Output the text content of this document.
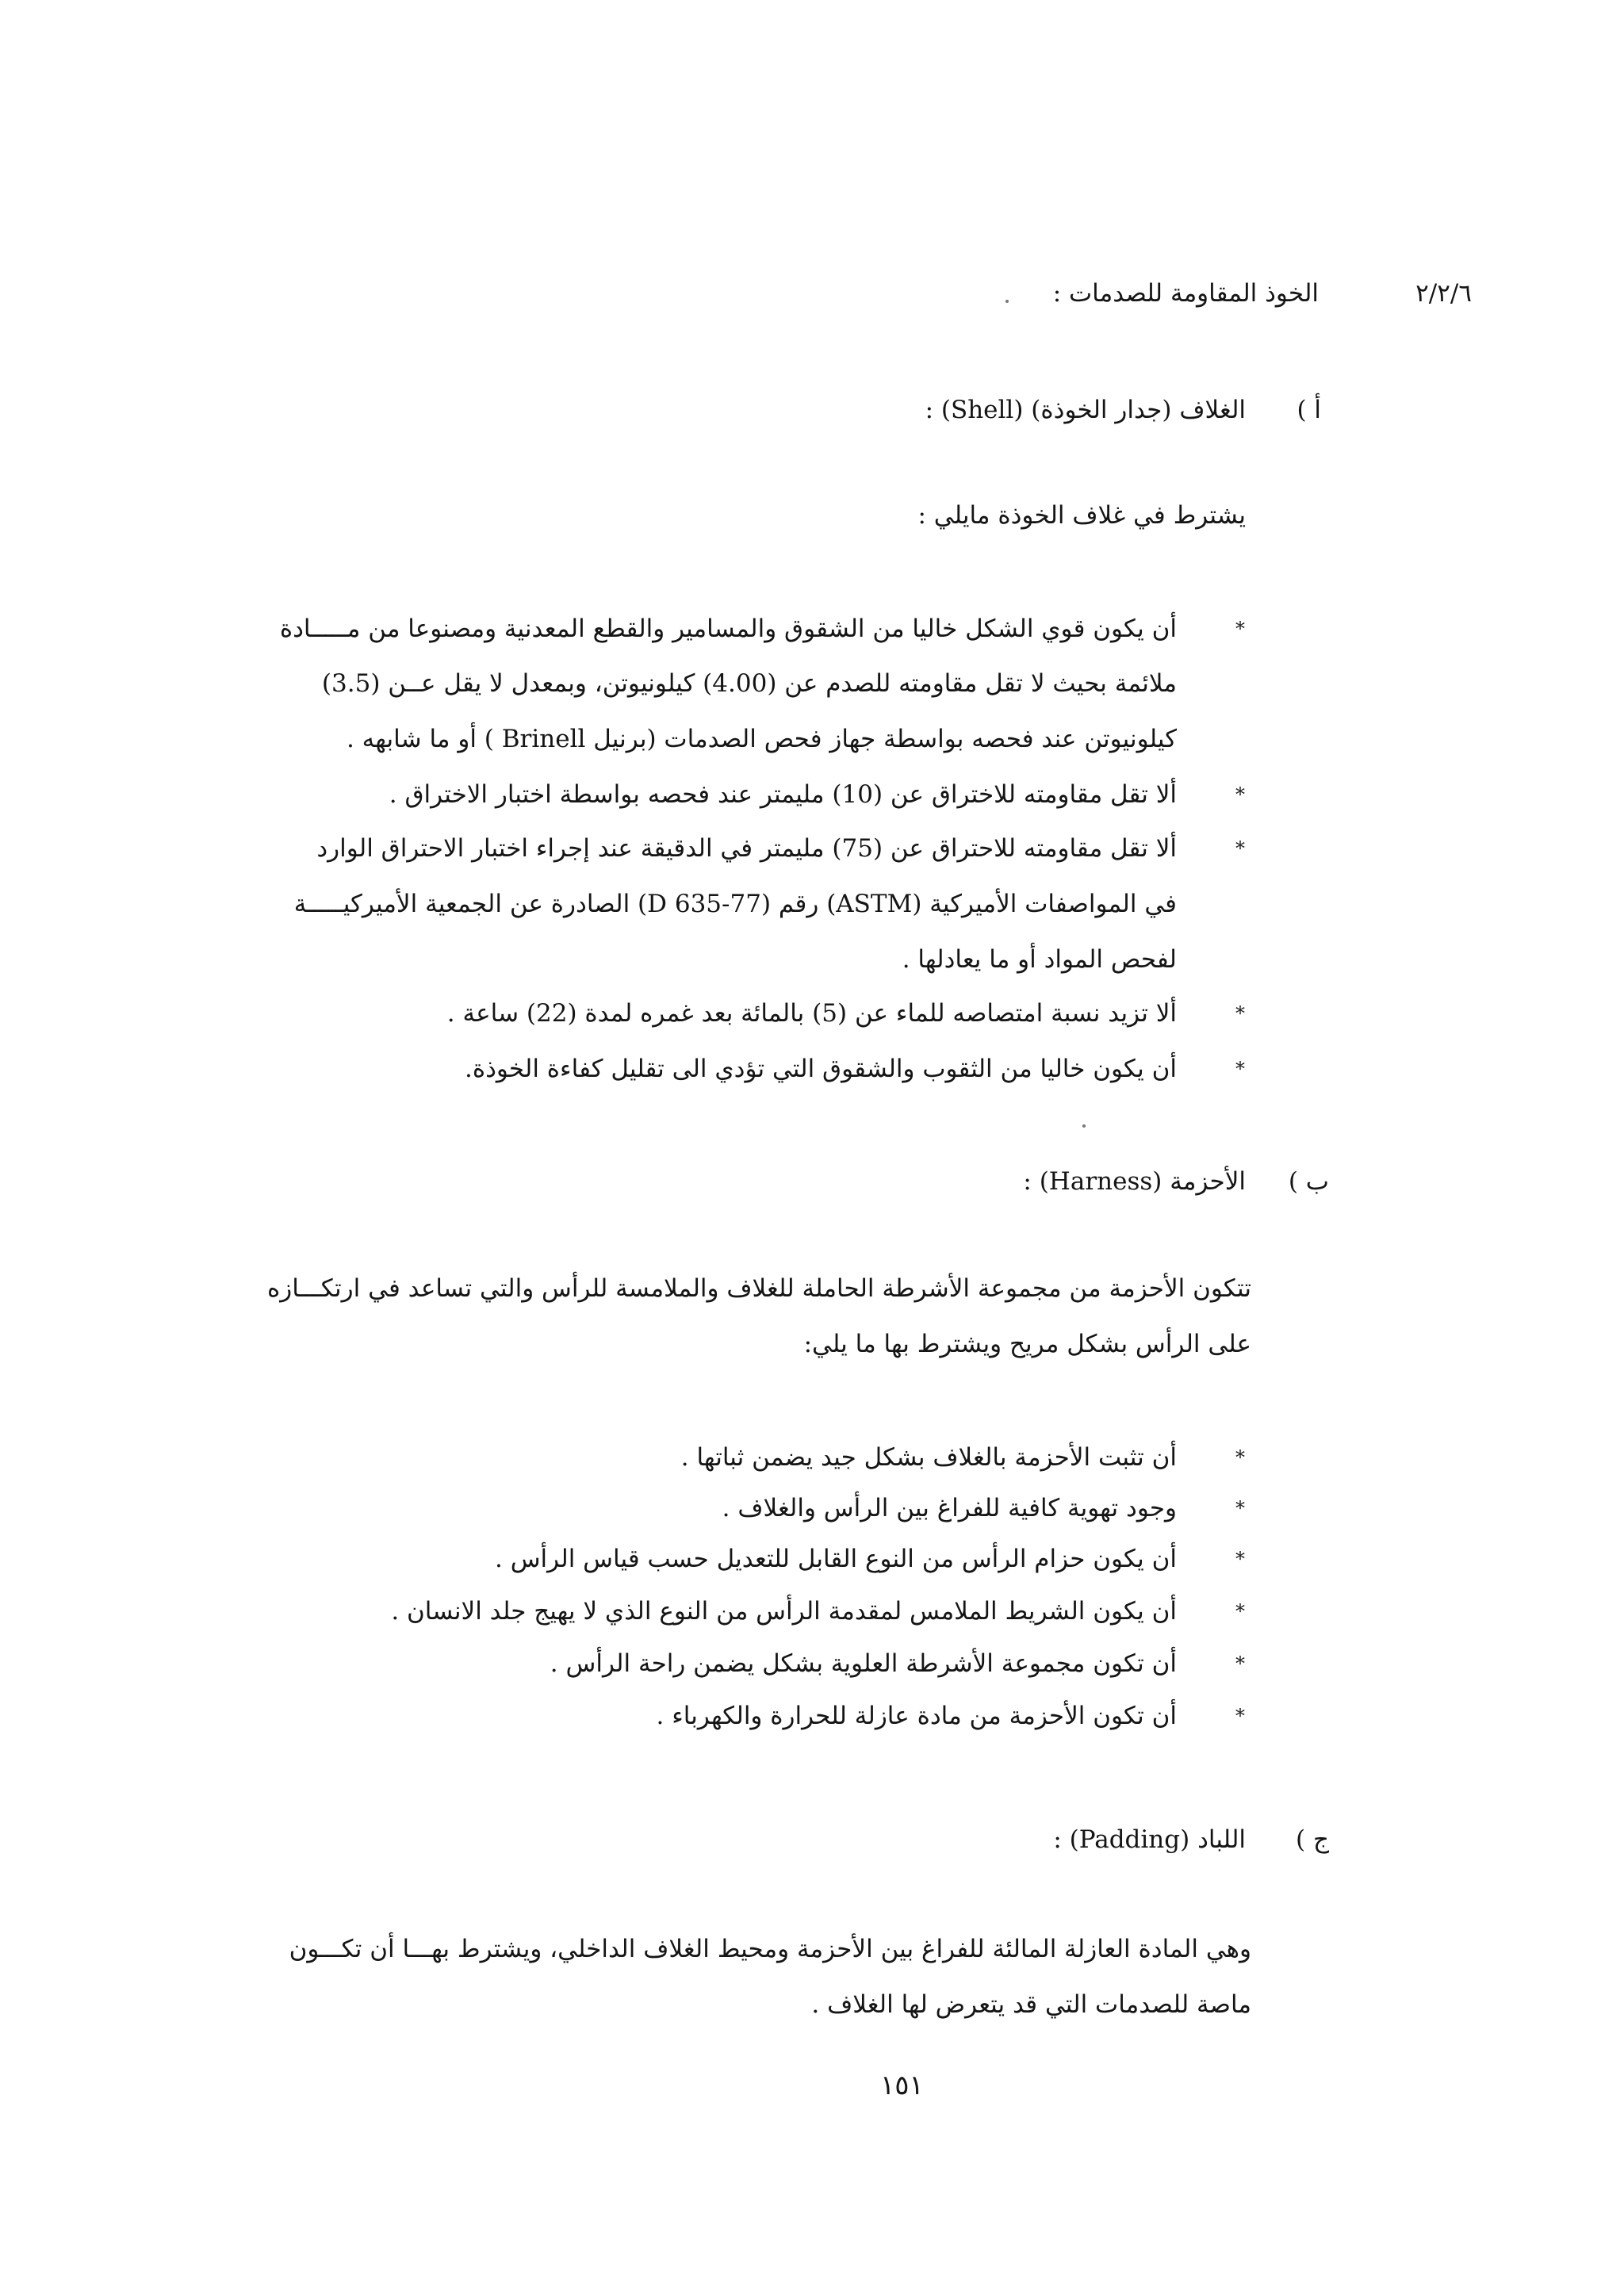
٢/٢/٦
الخوذ المقاومة للصدمات :
أ )
الغلاف (جدار الخوذة) (Shell) :
يشترط في غلاف الخوذة مايلي :
*
أن يكون قوي الشكل خاليا من الشقوق والمسامير والقطع المعدنية ومصنوعا من مـــــادة
ملائمة بحيث لا تقل مقاومته للصدم عن (4.00) كيلونيوتن، وبمعدل لا يقل عــن (3.5)
كيلونيوتن عند فحصه بواسطة جهاز فحص الصدمات (برنيل Brinell ) أو ما شابهه .
*
ألا تقل مقاومته للاختراق عن (10) مليمتر عند فحصه بواسطة اختبار الاختراق .
*
ألا تقل مقاومته للاحتراق عن (75) مليمتر في الدقيقة عند إجراء اختبار الاحتراق الوارد
في المواصفات الأميركية (ASTM) رقم (D 635-77) الصادرة عن الجمعية الأميركيـــــة
لفحص المواد أو ما يعادلها .
*
ألا تزيد نسبة امتصاصه للماء عن (5) بالمائة بعد غمره لمدة (22) ساعة .
*
أن يكون خاليا من الثقوب والشقوق التي تؤدي الى تقليل كفاءة الخوذة.
ب )
الأحزمة (Harness) :
تتكون الأحزمة من مجموعة الأشرطة الحاملة للغلاف والملامسة للرأس والتي تساعد في ارتكـــازه
على الرأس بشكل مريح ويشترط بها ما يلي:
*
أن تثبت الأحزمة بالغلاف بشكل جيد يضمن ثباتها .
*
وجود تهوية كافية للفراغ بين الرأس والغلاف .
*
أن يكون حزام الرأس من النوع القابل للتعديل حسب قياس الرأس .
*
أن يكون الشريط الملامس لمقدمة الرأس من النوع الذي لا يهيج جلد الانسان .
*
أن تكون مجموعة الأشرطة العلوية بشكل يضمن راحة الرأس .
*
أن تكون الأحزمة من مادة عازلة للحرارة والكهرباء .
ج )
اللباد (Padding) :
وهي المادة العازلة المالئة للفراغ بين الأحزمة ومحيط الغلاف الداخلي، ويشترط بهـــا أن تكـــون
ماصة للصدمات التي قد يتعرض لها الغلاف .
١٥١
